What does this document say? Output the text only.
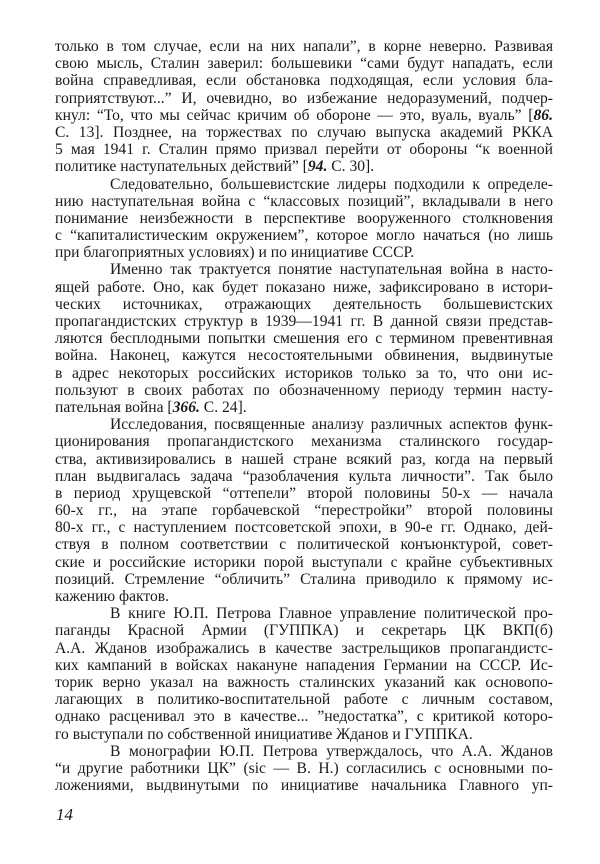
только в том случае, если на них напали”, в корне неверно. Развивая
свою мысль, Сталин заверил: большевики “сами будут нападать, если
война справедливая, если обстановка подходящая, если условия бла-
гоприятствуют...” И, очевидно, во избежание недоразумений, подчер-
кнул: “То, что мы сейчас кричим об обороне — это, вуаль, вуаль” [86.
С. 13]. Позднее, на торжествах по случаю выпуска академий РККА
5 мая 1941 г. Сталин прямо призвал перейти от обороны “к военной
политике наступательных действий” [94. С. 30].
Следовательно, большевистские лидеры подходили к определе-
нию наступательная война с “классовых позиций”, вкладывали в него
понимание неизбежности в перспективе вооруженного столкновения
с “капиталистическим окружением”, которое могло начаться (но лишь
при благоприятных условиях) и по инициативе СССР.
Именно так трактуется понятие наступательная война в насто-
ящей работе. Оно, как будет показано ниже, зафиксировано в истори-
ческих источниках, отражающих деятельность большевистских
пропагандистских структур в 1939—1941 гг. В данной связи представ-
ляются бесплодными попытки смешения его с термином превентивная
война. Наконец, кажутся несостоятельными обвинения, выдвинутые
в адрес некоторых российских историков только за то, что они ис-
пользуют в своих работах по обозначенному периоду термин насту-
пательная война [366. С. 24].
Исследования, посвященные анализу различных аспектов функ-
ционирования пропагандистского механизма сталинского государ-
ства, активизировались в нашей стране всякий раз, когда на первый
план выдвигалась задача “разоблачения культа личности”. Так было
в период хрущевской “оттепели” второй половины 50-х — начала
60-х гг., на этапе горбачевской “перестройки” второй половины
80-х гг., с наступлением постсоветской эпохи, в 90-е гг. Однако, дей-
ствуя в полном соответствии с политической конъюнктурой, совет-
ские и российские историки порой выступали с крайне субъективных
позиций. Стремление “обличить” Сталина приводило к прямому ис-
кажению фактов.
В книге Ю.П. Петрова Главное управление политической про-
паганды Красной Армии (ГУППКА) и секретарь ЦК ВКП(б)
А.А. Жданов изображались в качестве застрельщиков пропагандистс-
ких кампаний в войсках накануне нападения Германии на СССР. Ис-
торик верно указал на важность сталинских указаний как основопо-
лагающих в политико-воспитательной работе с личным составом,
однако расценивал это в качестве... ”недостатка”, с критикой которо-
го выступали по собственной инициативе Жданов и ГУППКА.
В монографии Ю.П. Петрова утверждалось, что А.А. Жданов
“и другие работники ЦК” (sic — В. Н.) согласились с основными по-
ложениями, выдвинутыми по инициативе начальника Главного уп-
14
